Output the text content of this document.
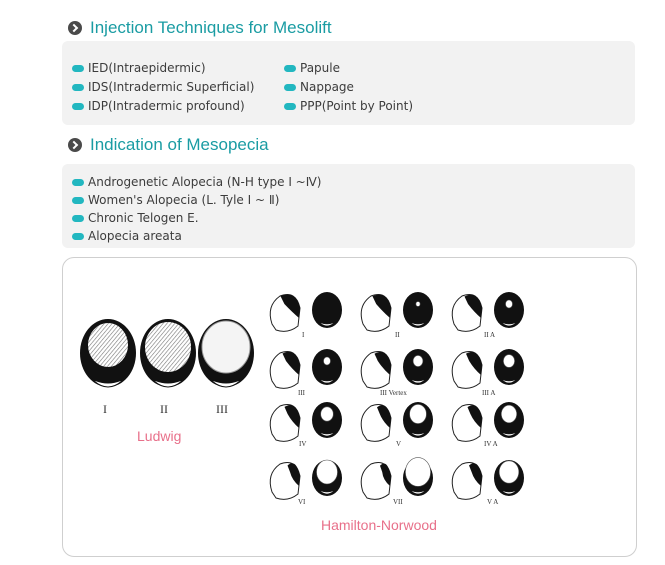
Injection Techniques for Mesolift
IED(Intraepidermic)
IDS(Intradermic Superficial)
IDP(Intradermic profound)
Papule
Nappage
PPP(Point by Point)
Indication of Mesopecia
Androgenetic Alopecia (N-H type Ⅰ ~Ⅳ)
Women's Alopecia (L. Tyle Ⅰ ~ Ⅱ)
Chronic Telogen E.
Alopecia areata
I	II	III
Ludwig
I	II	II A
III	III Vertex	III A
IV	V	IV A
VI	VII	V A
Hamilton-Norwood
